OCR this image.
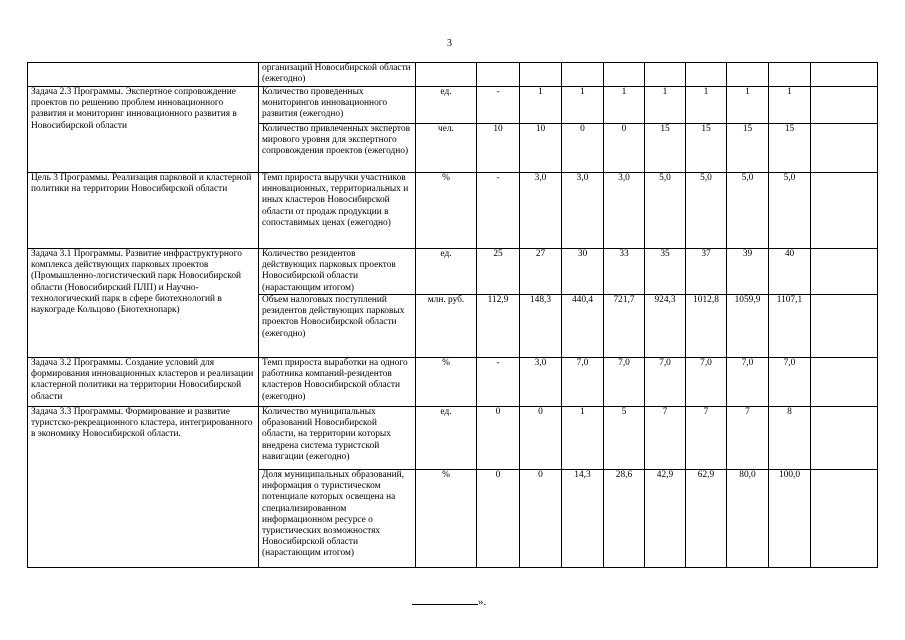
3
	организаций Новосибирской области (ежегодно)										
Задача 2.3 Программы. Экспертное сопровождение проектов по решению проблем инновационного развития и мониторинг инновационного развития в Новосибирской области	Количество проведенных мониторингов инновационного развития (ежегодно)	ед.	-	1	1	1	1	1	1	1	
	Количество привлеченных экспертов мирового уровня для экспертного сопровождения проектов (ежегодно)	чел.	10	10	0	0	15	15	15	15	
Цель 3 Программы. Реализация парковой и кластерной политики на территории Новосибирской области	Темп прироста выручки участников инновационных, территориальных и иных кластеров Новосибирской области от продаж продукции в сопоставимых ценах (ежегодно)	%	-	3,0	3,0	3,0	5,0	5,0	5,0	5,0	
Задача 3.1 Программы. Развитие инфраструктурного комплекса действующих парковых проектов (Промышленно-логистический парк Новосибирской области (Новосибирский ПЛП) и Научно-технологический парк в сфере биотехнологий в наукограде Кольцово (Биотехнопарк)	Количество резидентов действующих парковых проектов Новосибирской области (нарастающим итогом)	ед.	25	27	30	33	35	37	39	40	
	Объем налоговых поступлений резидентов действующих парковых проектов Новосибирской области (ежегодно)	млн. руб.	112,9	148,3	440,4	721,7	924,3	1012,8	1059,9	1107,1	
Задача 3.2 Программы. Создание условий для формирования инновационных кластеров и реализации кластерной политики на территории Новосибирской области	Темп прироста выработки на одного работника компаний-резидентов кластеров Новосибирской области (ежегодно)	%	-	3,0	7,0	7,0	7,0	7,0	7,0	7,0	
Задача 3.3 Программы. Формирование и развитие туристско-рекреационного кластера, интегрированного в экономику Новосибирской области.	Количество муниципальных образований Новосибирской области, на территории которых внедрена система туристской навигации (ежегодно)	ед.	0	0	1	5	7	7	7	8	
	Доля муниципальных образований, информация о туристическом потенциале которых освещена на специализированном информационном ресурсе о туристических возможностях Новосибирской области (нарастающим итогом)	%	0	0	14,3	28,6	42,9	62,9	80,0	100,0	
».
